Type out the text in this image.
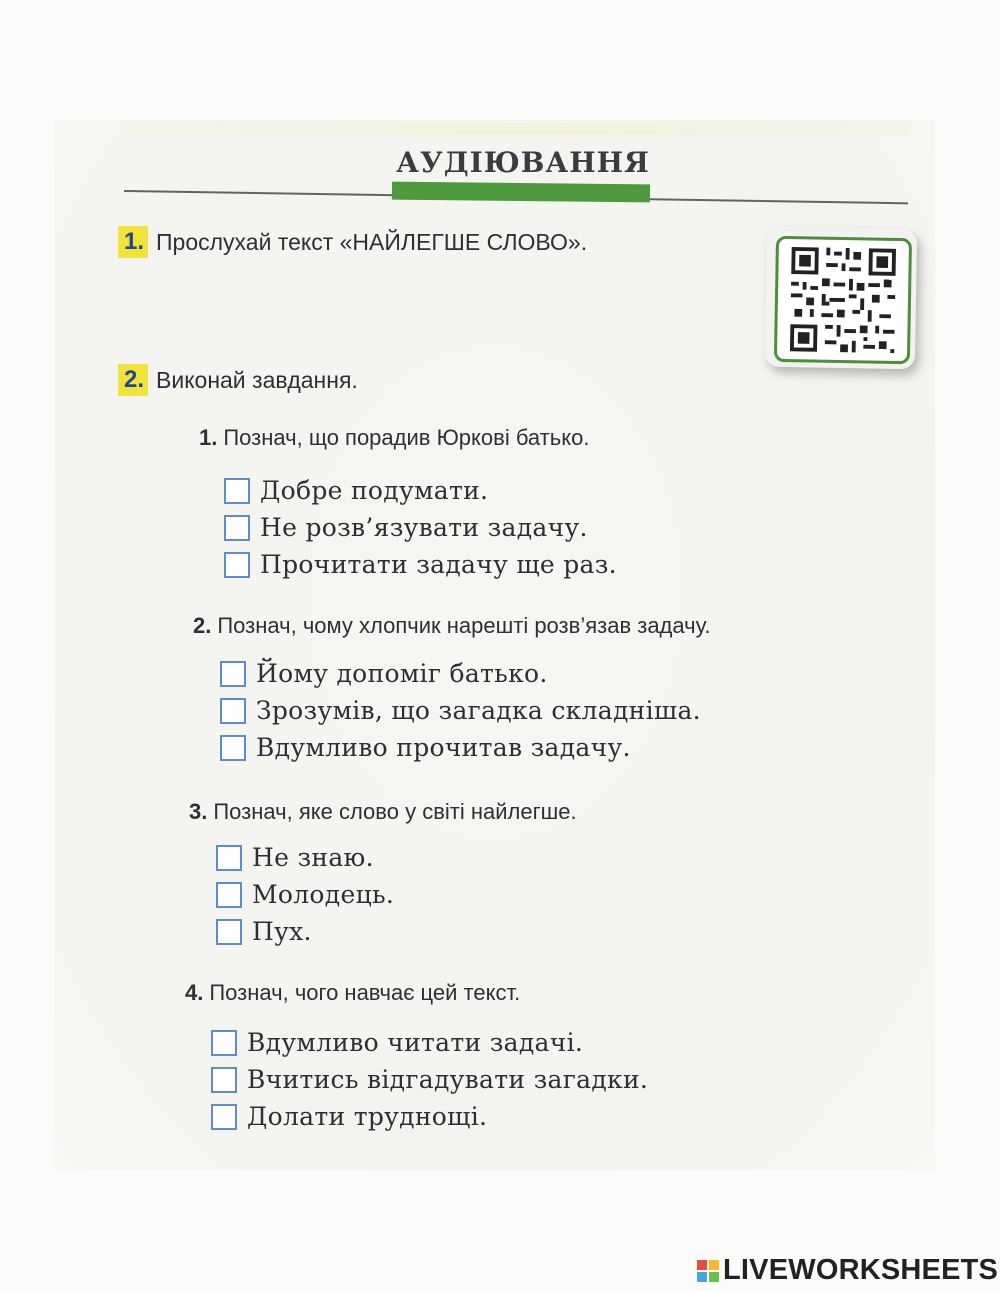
АУДІЮВАННЯ
1. Прослухай текст «НАЙЛЕГШЕ СЛОВО».
2. Виконай завдання.
1. Познач, що порадив Юркові батько.
Добре подумати.
Не розв’язувати задачу.
Прочитати задачу ще раз.
2. Познач, чому хлопчик нарешті розв’язав задачу.
Йому допоміг батько.
Зрозумів, що загадка складніша.
Вдумливо прочитав задачу.
3. Познач, яке слово у світі найлегше.
Не знаю.
Молодець.
Пух.
4. Познач, чого навчає цей текст.
Вдумливо читати задачі.
Вчитись відгадувати загадки.
Долати труднощі.
LIVEWORKSHEETS
